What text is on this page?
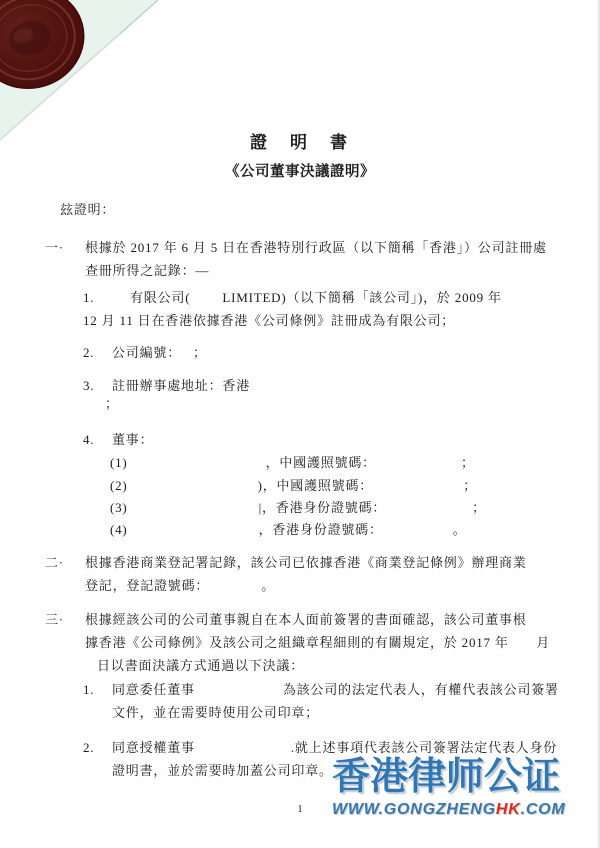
證　明　書
《公司董事決議證明》
玆證明：
一· 根據於 2017 年 6 月 5 日在香港特別行政區（以下簡稱「香港」）公司註冊處
查冊所得之記錄：—
1.	有限公司( LIMITED)（以下簡稱「該公司」)，於 2009 年
12 月 11 日在香港依據香港《公司條例》註冊成為有限公司；
2. 公司編號： ；
3. 註冊辦事處地址：香港
；
4. 董事：
(1)	，中國護照號碼：	；
(2)	)，中國護照號碼：	；
(3)	|，香港身份證號碼：	；
(4)	，香港身份證號碼：	。
二· 根據香港商業登記署記錄，該公司已依據香港《商業登記條例》辦理商業
登記，登記證號碼：	。
三· 根據經該公司的公司董事親自在本人面前簽署的書面確認，該公司董事根
據香港《公司條例》及該公司之組織章程細則的有關規定，於 2017 年　　月
日以書面決議方式通過以下決議：
1. 同意委任董事	為該公司的法定代表人，有權代表該公司簽署
文件，並在需要時使用公司印章；
2. 同意授權董事	.就上述事項代表該公司簽署法定代表人身份
證明書，並於需要時加蓋公司印章。
1
香港律师公证
WWW.GONGZHENGHK.COM
